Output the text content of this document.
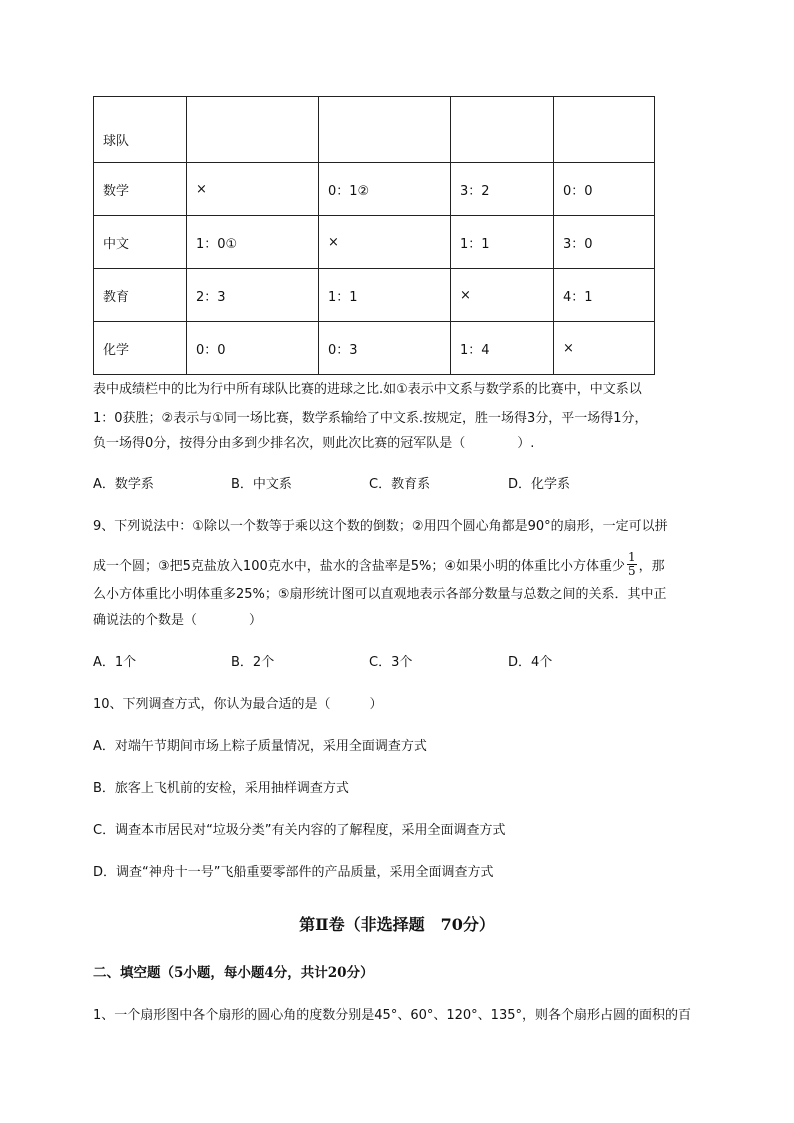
球队				
数学	×	0：1②	3：2	0：0
中文	1：0①	×	1：1	3：0
教育	2：3	1：1	×	4：1
化学	0：0	0：3	1：4	×
表中成绩栏中的比为行中所有球队比赛的进球之比.如①表示中文系与数学系的比赛中，中文系以
1：0获胜；②表示与①同一场比赛，数学系输给了中文系.按规定，胜一场得3分，平一场得1分，
负一场得0分，按得分由多到少排名次，则此次比赛的冠军队是（　　　　）.
A．数学系	B．中文系	C．教育系	D．化学系
9、下列说法中：①除以一个数等于乘以这个数的倒数；②用四个圆心角都是90°的扇形，一定可以拼
成一个圆；③把5克盐放入100克水中，盐水的含盐率是5%；④如果小明的体重比小方体重少 $\frac{1}{5}$ ，那
么小方体重比小明体重多25%；⑤扇形统计图可以直观地表示各部分数量与总数之间的关系．其中正
确说法的个数是（　　　　）
A．1个	B．2个	C．3个	D．4个
10、下列调查方式，你认为最合适的是（　　　）
A．对端午节期间市场上粽子质量情况，采用全面调查方式
B．旅客上飞机前的安检，采用抽样调查方式
C．调查本市居民对“垃圾分类”有关内容的了解程度，采用全面调查方式
D．调查“神舟十一号”飞船重要零部件的产品质量，采用全面调查方式
第Ⅱ卷（非选择题　70分）
二、填空题（5小题，每小题4分，共计20分）
1、一个扇形图中各个扇形的圆心角的度数分别是45°、60°、120°、135°，则各个扇形占圆的面积的百
